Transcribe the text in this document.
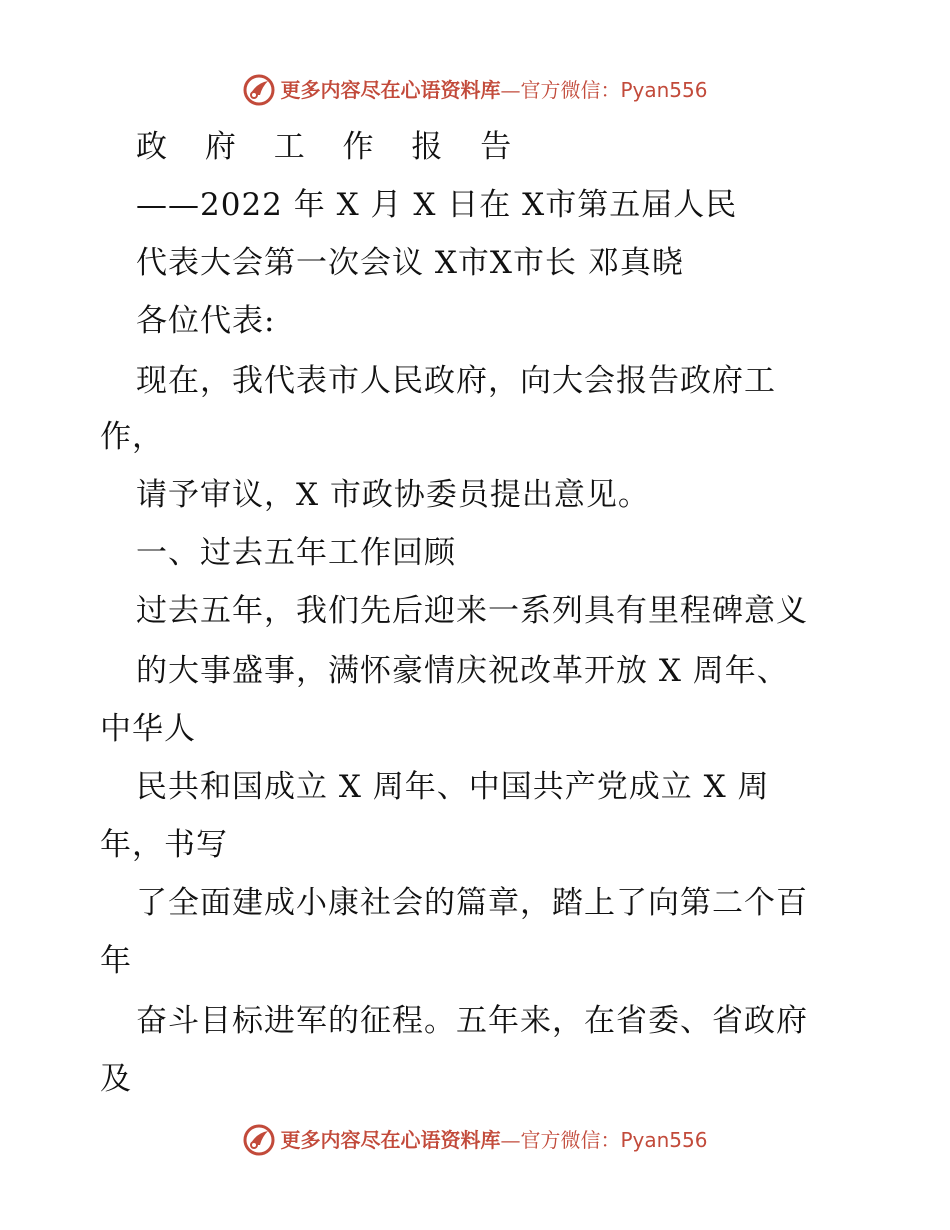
更多内容尽在心语资料库 — 官方微信：Pyan556
政 府 工 作 报 告
——2022 年 X 月 X 日在 X市第五届人民
代表大会第一次会议 X市X市长 邓真晓
各位代表:
现在，我代表市人民政府，向大会报告政府工
作，
请予审议，X 市政协委员提出意见。
一、过去五年工作回顾
过去五年，我们先后迎来一系列具有里程碑意义
的大事盛事，满怀豪情庆祝改革开放 X 周年、
中华人
民共和国成立 X 周年、中国共产党成立 X 周
年，书写
了全面建成小康社会的篇章，踏上了向第二个百
年
奋斗目标进军的征程。五年来，在省委、省政府
及
更多内容尽在心语资料库 — 官方微信：Pyan556
